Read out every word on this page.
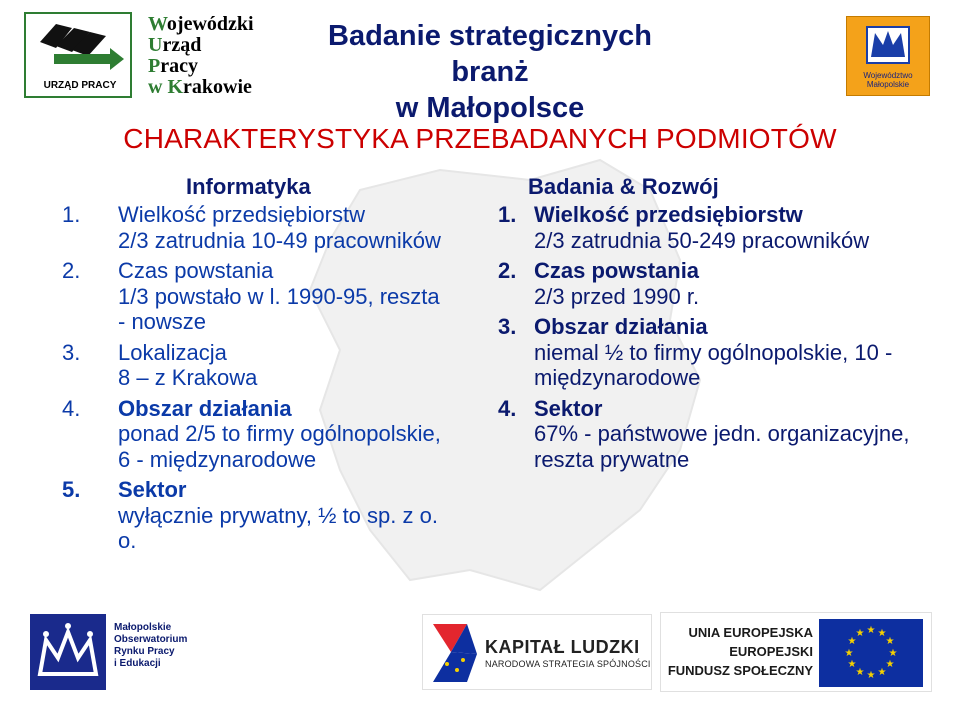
URZĄD PRACY
Wojewódzki
Urząd
Pracy
w Krakowie
Badanie strategicznych branż
w Małopolsce
Województwo
Małopolskie
CHARAKTERYSTYKA PRZEBADANYCH PODMIOTÓW
Informatyka
1. Wielkość przedsiębiorstw
2/3 zatrudnia 10-49 pracowników
2. Czas powstania
1/3 powstało w l. 1990-95, reszta - nowsze
3. Lokalizacja
8 – z Krakowa
4. Obszar działania
ponad 2/5 to firmy ogólnopolskie, 6 - międzynarodowe
5. Sektor
wyłącznie prywatny, ½ to sp. z o. o.
Badania & Rozwój
1. Wielkość przedsiębiorstw
2/3 zatrudnia 50-249 pracowników
2. Czas powstania
2/3 przed 1990 r.
3. Obszar działania
niemal ½ to firmy ogólnopolskie, 10 - międzynarodowe
4. Sektor
67% - państwowe jedn. organizacyjne, reszta prywatne
Małopolskie
Obserwatorium
Rynku Pracy
i Edukacji
KAPITAŁ LUDZKI
NARODOWA STRATEGIA SPÓJNOŚCI
UNIA EUROPEJSKA
EUROPEJSKI
FUNDUSZ SPOŁECZNY
★ ★
★
★
★
★
★
★
★
★
★
★
